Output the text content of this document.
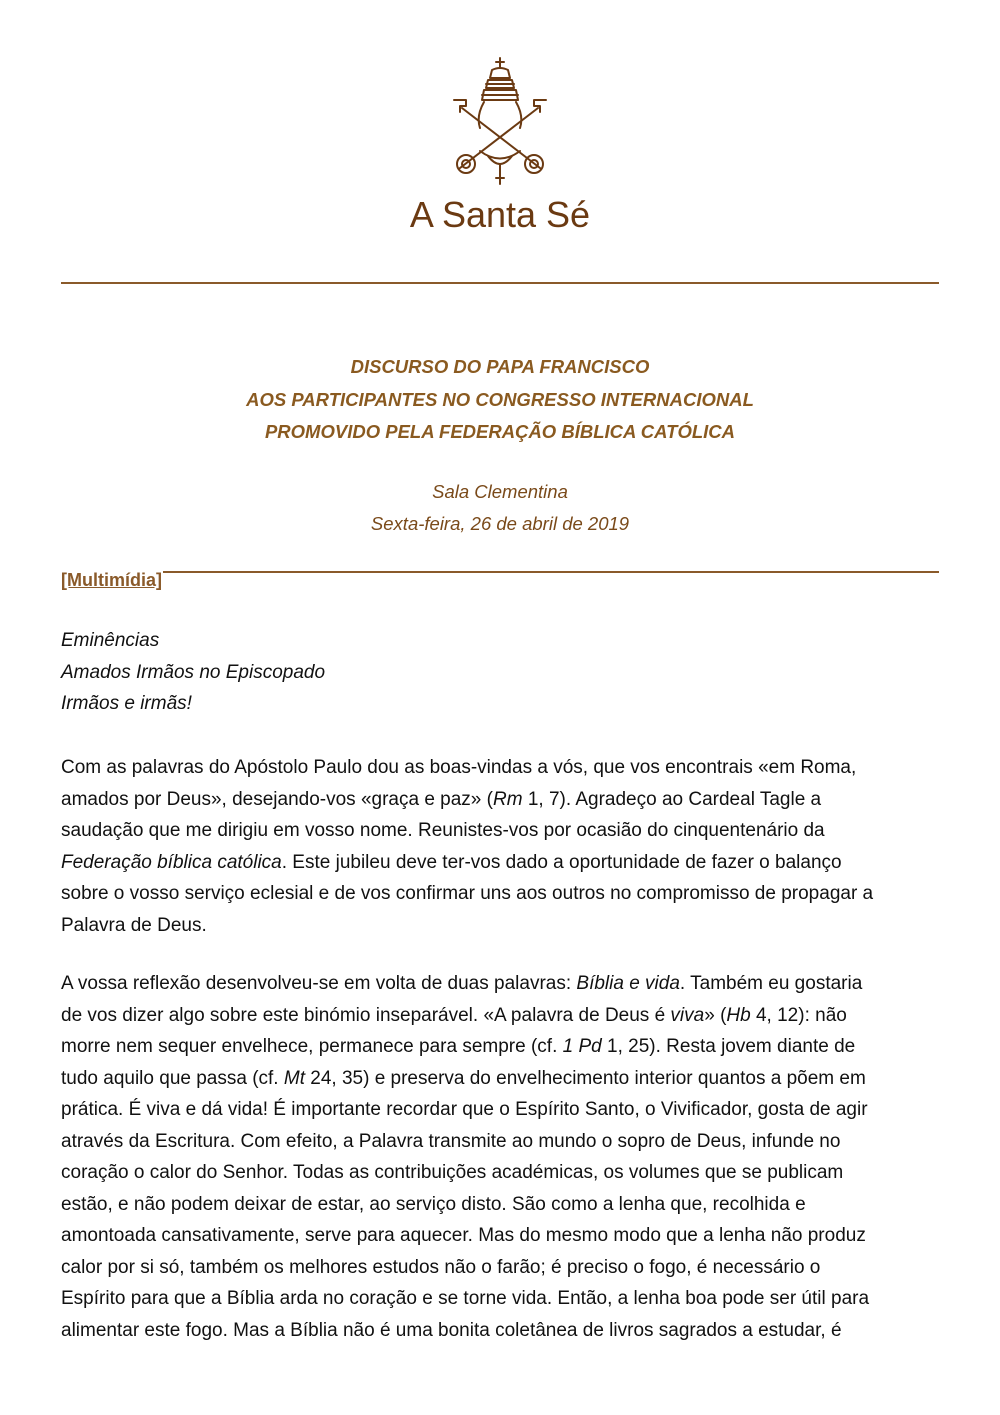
A Santa Sé
DISCURSO DO PAPA FRANCISCO
AOS PARTICIPANTES NO CONGRESSO INTERNACIONAL
PROMOVIDO PELA FEDERAÇÃO BÍBLICA CATÓLICA
Sala Clementina
Sexta-feira, 26 de abril de 2019
[Multimídia]
Eminências
Amados Irmãos no Episcopado
Irmãos e irmãs!
Com as palavras do Apóstolo Paulo dou as boas-vindas a vós, que vos encontrais «em Roma,
amados por Deus», desejando-vos «graça e paz» (Rm 1, 7). Agradeço ao Cardeal Tagle a
saudação que me dirigiu em vosso nome. Reunistes-vos por ocasião do cinquentenário da
Federação bíblica católica. Este jubileu deve ter-vos dado a oportunidade de fazer o balanço
sobre o vosso serviço eclesial e de vos confirmar uns aos outros no compromisso de propagar a
Palavra de Deus.
A vossa reflexão desenvolveu-se em volta de duas palavras: Bíblia e vida. Também eu gostaria
de vos dizer algo sobre este binómio inseparável. «A palavra de Deus é viva» (Hb 4, 12): não
morre nem sequer envelhece, permanece para sempre (cf. 1 Pd 1, 25). Resta jovem diante de
tudo aquilo que passa (cf. Mt 24, 35) e preserva do envelhecimento interior quantos a põem em
prática. É viva e dá vida! É importante recordar que o Espírito Santo, o Vivificador, gosta de agir
através da Escritura. Com efeito, a Palavra transmite ao mundo o sopro de Deus, infunde no
coração o calor do Senhor. Todas as contribuições académicas, os volumes que se publicam
estão, e não podem deixar de estar, ao serviço disto. São como a lenha que, recolhida e
amontoada cansativamente, serve para aquecer. Mas do mesmo modo que a lenha não produz
calor por si só, também os melhores estudos não o farão; é preciso o fogo, é necessário o
Espírito para que a Bíblia arda no coração e se torne vida. Então, a lenha boa pode ser útil para
alimentar este fogo. Mas a Bíblia não é uma bonita coletânea de livros sagrados a estudar, é
